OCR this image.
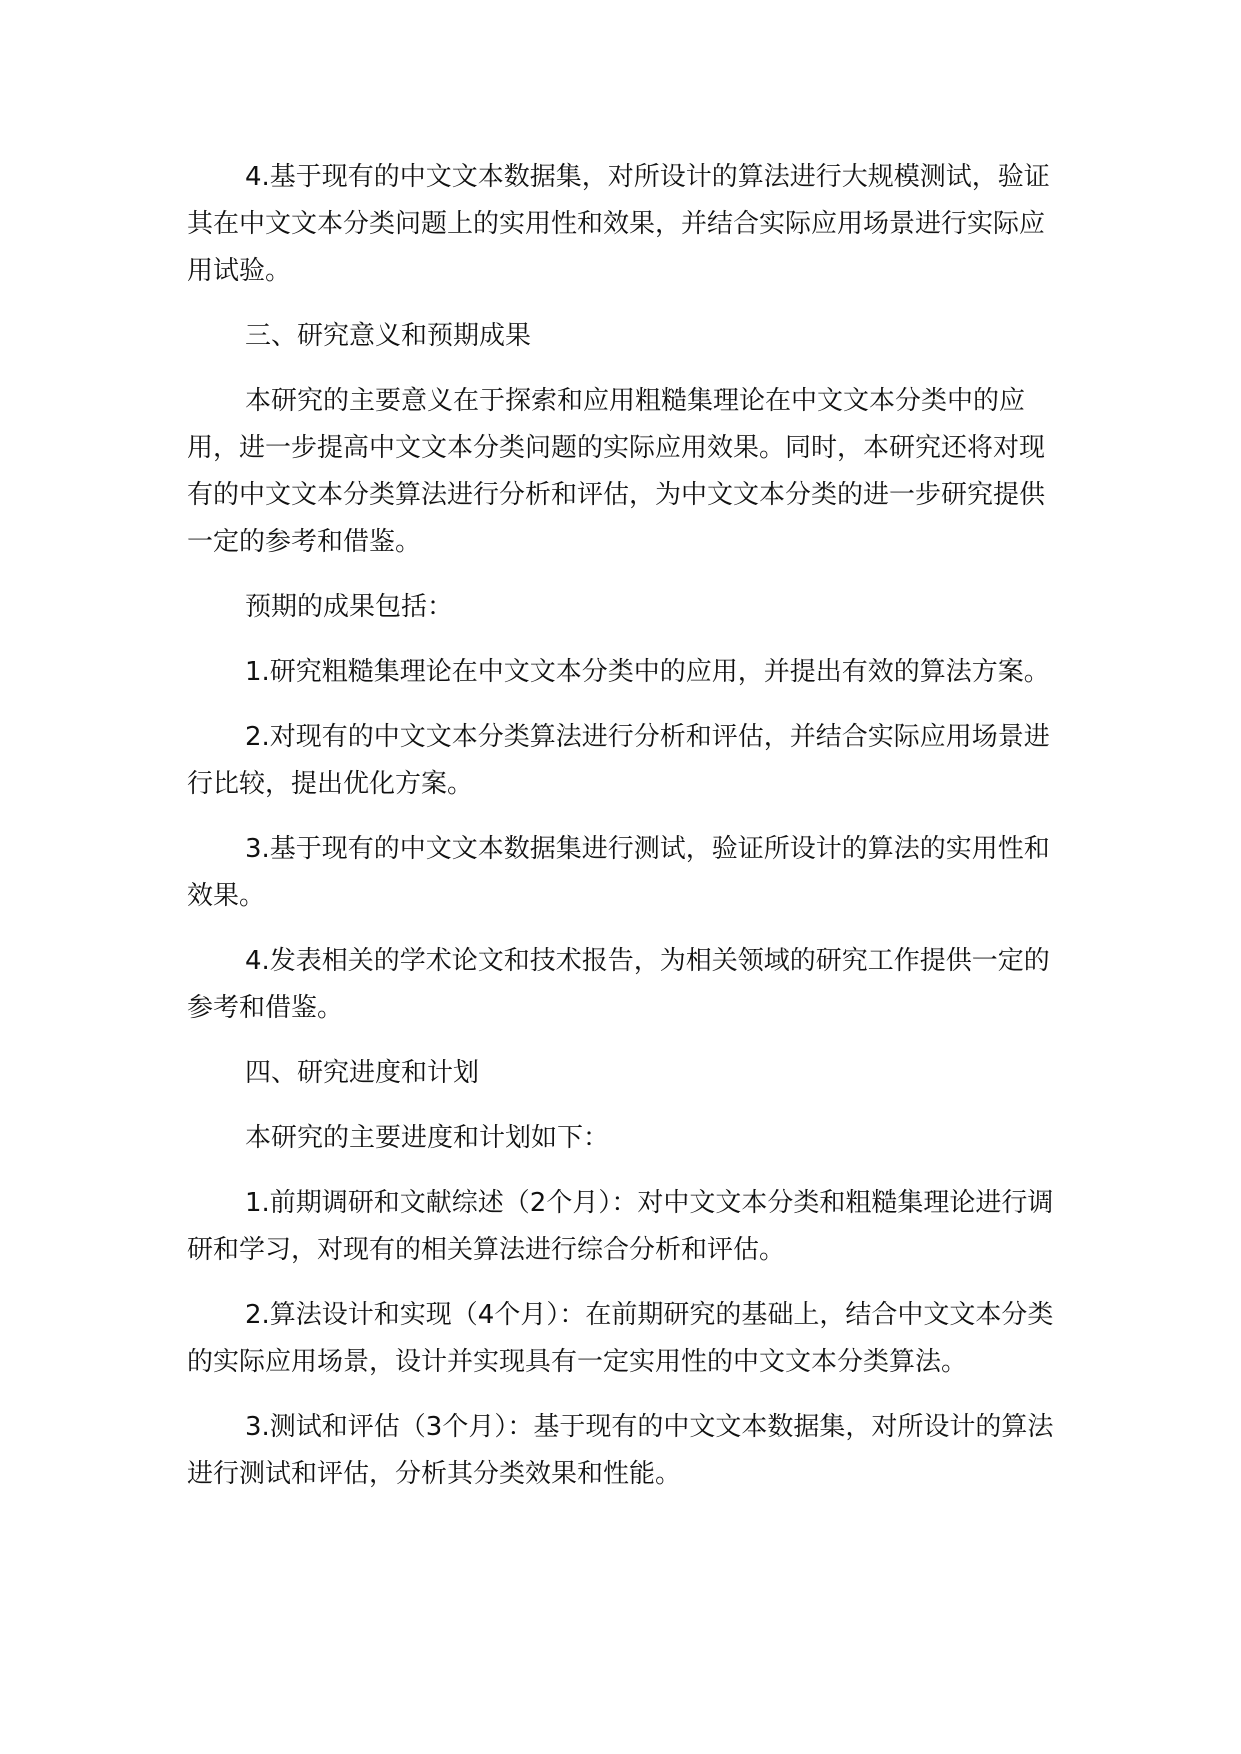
4.基于现有的中文文本数据集，对所设计的算法进行大规模测试，验证其在中文文本分类问题上的实用性和效果，并结合实际应用场景进行实际应用试验。

三、研究意义和预期成果

本研究的主要意义在于探索和应用粗糙集理论在中文文本分类中的应用，进一步提高中文文本分类问题的实际应用效果。同时，本研究还将对现有的中文文本分类算法进行分析和评估，为中文文本分类的进一步研究提供一定的参考和借鉴。

预期的成果包括：

1.研究粗糙集理论在中文文本分类中的应用，并提出有效的算法方案。

2.对现有的中文文本分类算法进行分析和评估，并结合实际应用场景进行比较，提出优化方案。

3.基于现有的中文文本数据集进行测试，验证所设计的算法的实用性和效果。

4.发表相关的学术论文和技术报告，为相关领域的研究工作提供一定的参考和借鉴。

四、研究进度和计划

本研究的主要进度和计划如下：

1.前期调研和文献综述（2个月）：对中文文本分类和粗糙集理论进行调研和学习，对现有的相关算法进行综合分析和评估。

2.算法设计和实现（4个月）：在前期研究的基础上，结合中文文本分类的实际应用场景，设计并实现具有一定实用性的中文文本分类算法。

3.测试和评估（3个月）：基于现有的中文文本数据集，对所设计的算法进行测试和评估，分析其分类效果和性能。
